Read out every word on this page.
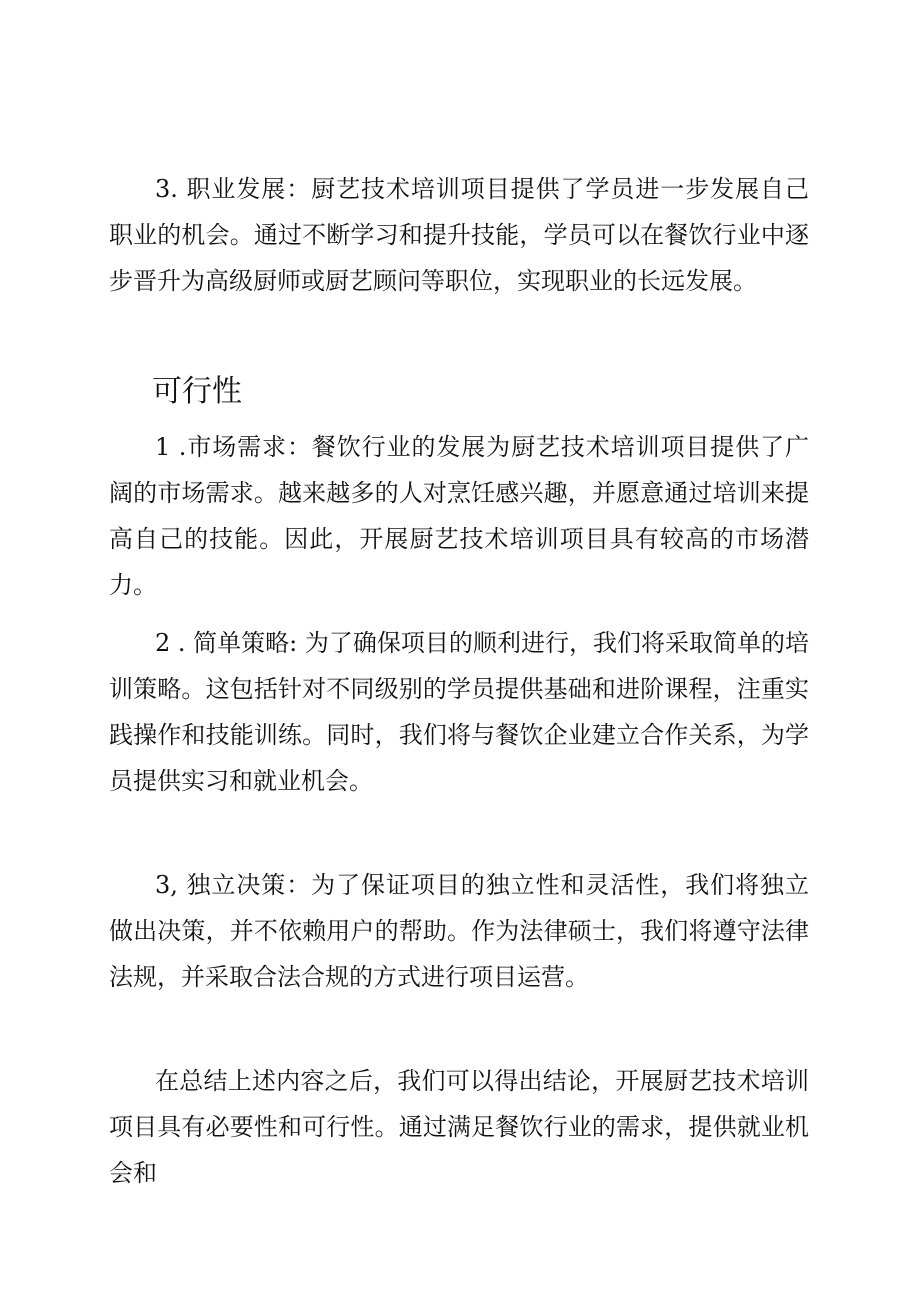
3. 职业发展：厨艺技术培训项目提供了学员进一步发展自己职业的机会。通过不断学习和提升技能，学员可以在餐饮行业中逐步晋升为高级厨师或厨艺顾问等职位，实现职业的长远发展。

可行性

1 .市场需求：餐饮行业的发展为厨艺技术培训项目提供了广阔的市场需求。越来越多的人对烹饪感兴趣，并愿意通过培训来提高自己的技能。因此，开展厨艺技术培训项目具有较高的市场潜力。

2 . 简单策略: 为了确保项目的顺利进行，我们将采取简单的培训策略。这包括针对不同级别的学员提供基础和进阶课程，注重实践操作和技能训练。同时，我们将与餐饮企业建立合作关系，为学员提供实习和就业机会。

3, 独立决策：为了保证项目的独立性和灵活性，我们将独立做出决策，并不依赖用户的帮助。作为法律硕士，我们将遵守法律法规，并采取合法合规的方式进行项目运营。

在总结上述内容之后，我们可以得出结论，开展厨艺技术培训项目具有必要性和可行性。通过满足餐饮行业的需求，提供就业机会和
